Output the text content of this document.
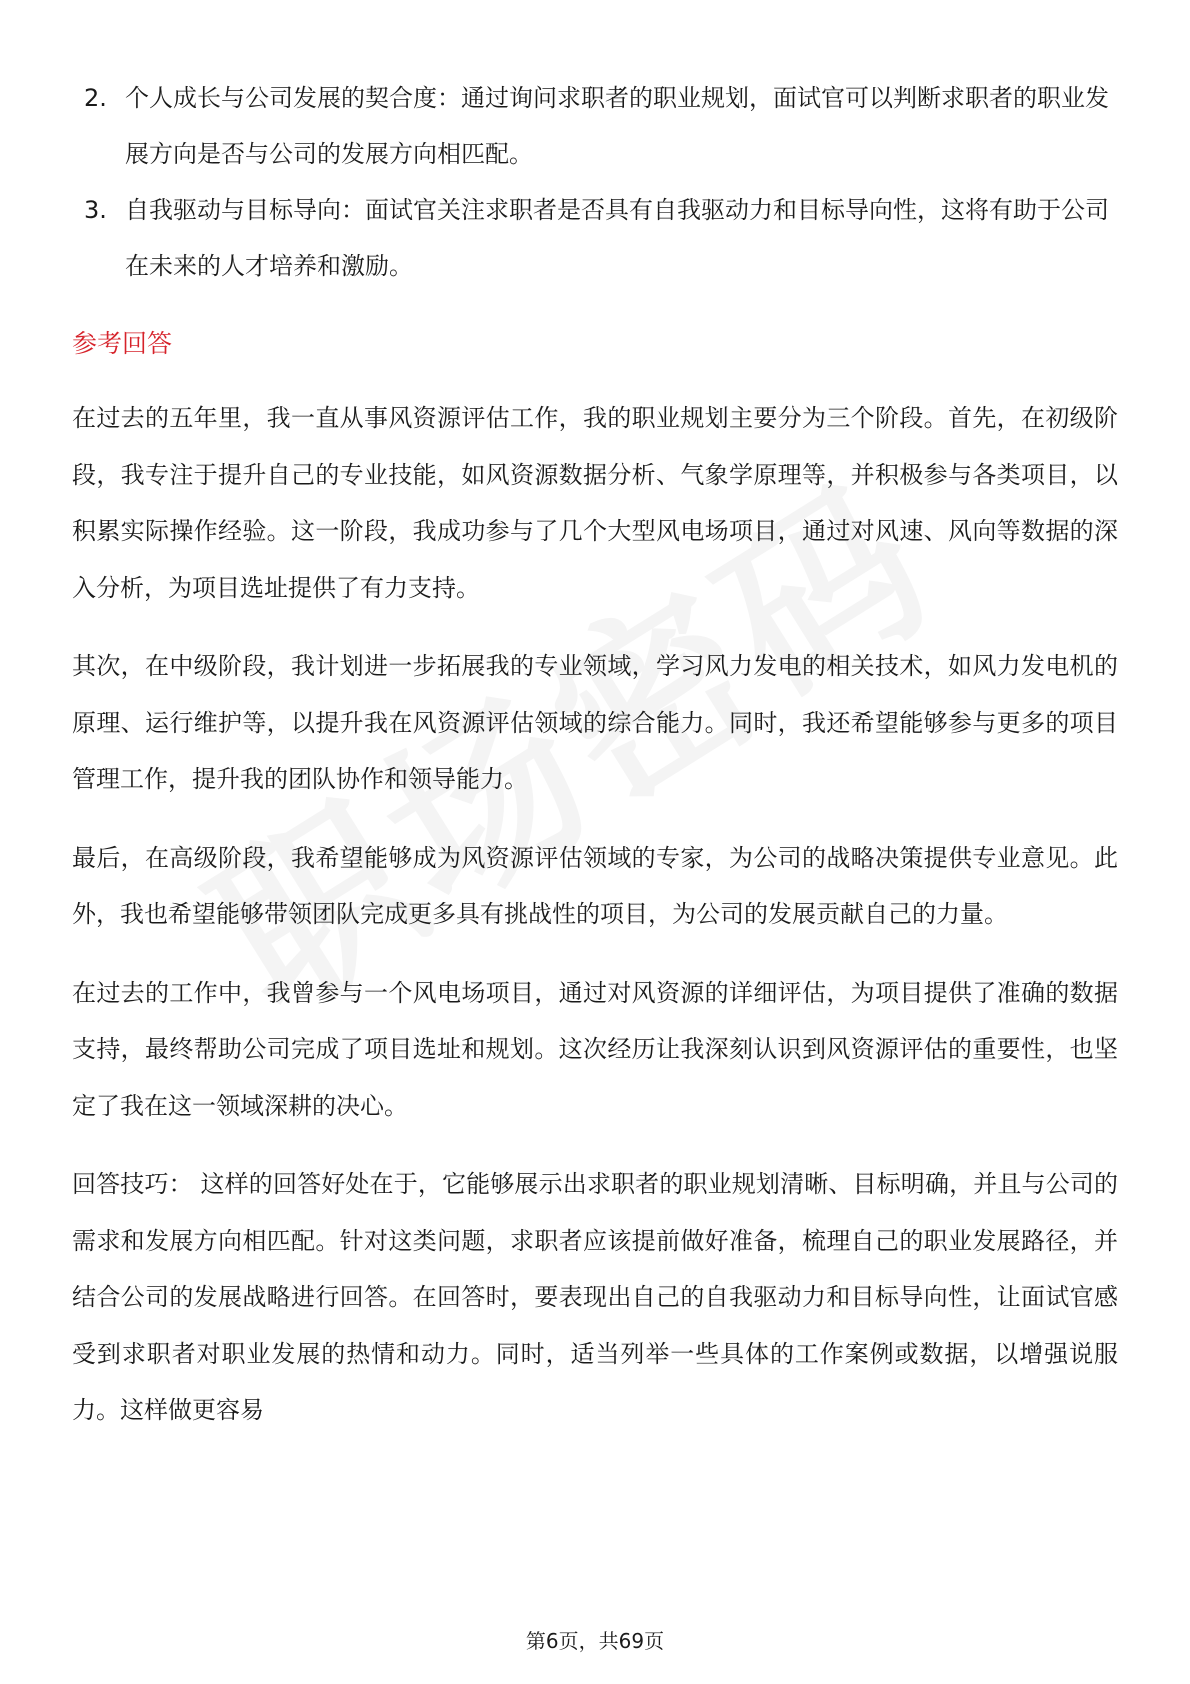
2. 个人成长与公司发展的契合度：通过询问求职者的职业规划，面试官可以判断求职者的职业发展方向是否与公司的发展方向相匹配。
3. 自我驱动与目标导向：面试官关注求职者是否具有自我驱动力和目标导向性，这将有助于公司在未来的人才培养和激励。
参考回答

在过去的五年里，我一直从事风资源评估工作，我的职业规划主要分为三个阶段。首先，在初级阶段，我专注于提升自己的专业技能，如风资源数据分析、气象学原理等，并积极参与各类项目，以积累实际操作经验。这一阶段，我成功参与了几个大型风电场项目，通过对风速、风向等数据的深入分析，为项目选址提供了有力支持。

其次，在中级阶段，我计划进一步拓展我的专业领域，学习风力发电的相关技术，如风力发电机的原理、运行维护等，以提升我在风资源评估领域的综合能力。同时，我还希望能够参与更多的项目管理工作，提升我的团队协作和领导能力。

最后，在高级阶段，我希望能够成为风资源评估领域的专家，为公司的战略决策提供专业意见。此外，我也希望能够带领团队完成更多具有挑战性的项目，为公司的发展贡献自己的力量。

在过去的工作中，我曾参与一个风电场项目，通过对风资源的详细评估，为项目提供了准确的数据支持，最终帮助公司完成了项目选址和规划。这次经历让我深刻认识到风资源评估的重要性，也坚定了我在这一领域深耕的决心。

回答技巧： 这样的回答好处在于，它能够展示出求职者的职业规划清晰、目标明确，并且与公司的需求和发展方向相匹配。针对这类问题，求职者应该提前做好准备，梳理自己的职业发展路径，并结合公司的发展战略进行回答。在回答时，要表现出自己的自我驱动力和目标导向性，让面试官感受到求职者对职业发展的热情和动力。同时，适当列举一些具体的工作案例或数据，以增强说服力。这样做更容易

第6页，共69页
